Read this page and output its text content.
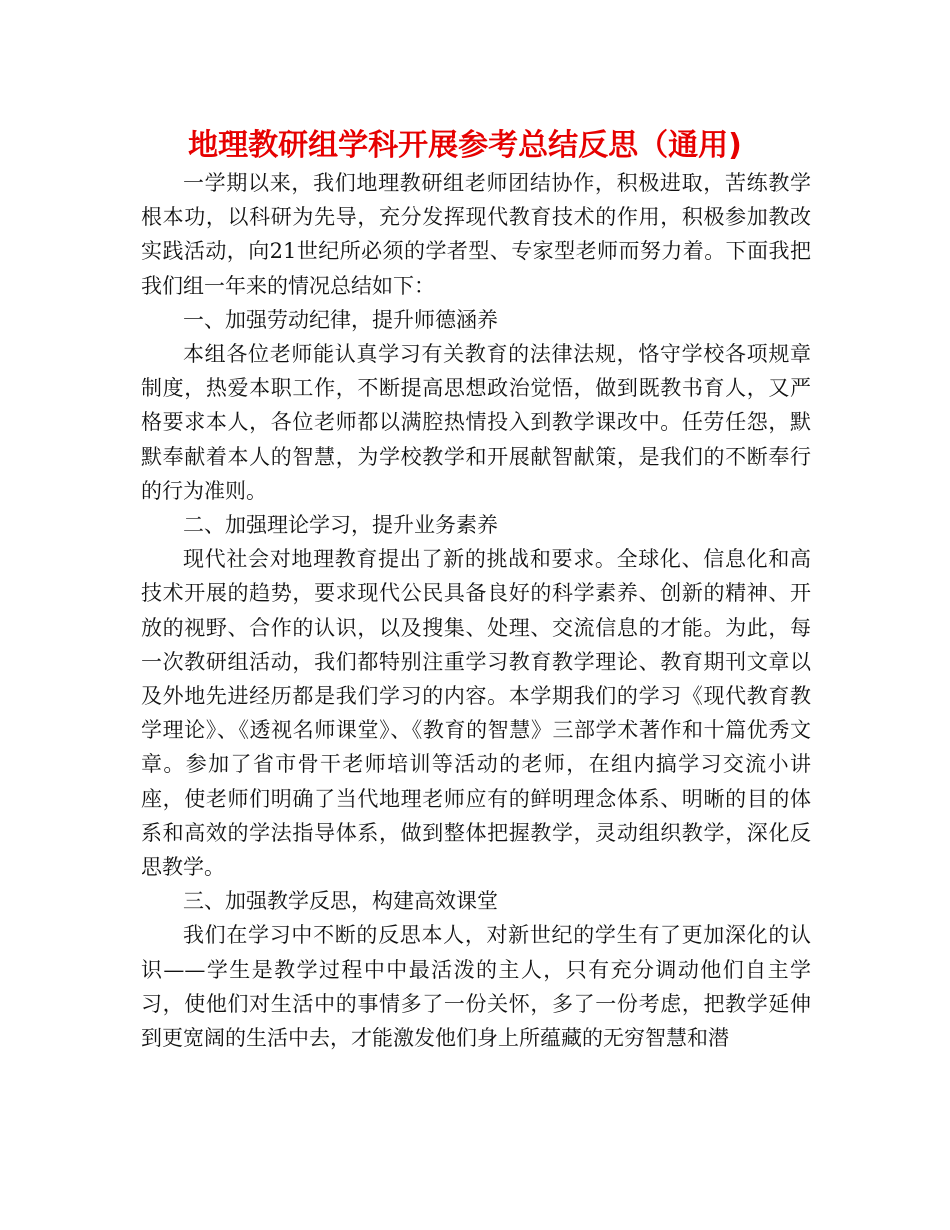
地理教研组学科开展参考总结反思（通用)

一学期以来，我们地理教研组老师团结协作，积极进取，苦练教学根本功，以科研为先导，充分发挥现代教育技术的作用，积极参加教改实践活动，向21世纪所必须的学者型、专家型老师而努力着。下面我把我们组一年来的情况总结如下：

一、加强劳动纪律，提升师德涵养

本组各位老师能认真学习有关教育的法律法规，恪守学校各项规章制度，热爱本职工作，不断提高思想政治觉悟，做到既教书育人，又严格要求本人，各位老师都以满腔热情投入到教学课改中。任劳任怨，默默奉献着本人的智慧，为学校教学和开展献智献策，是我们的不断奉行的行为准则。

二、加强理论学习，提升业务素养

现代社会对地理教育提出了新的挑战和要求。全球化、信息化和高技术开展的趋势，要求现代公民具备良好的科学素养、创新的精神、开放的视野、合作的认识，以及搜集、处理、交流信息的才能。为此，每一次教研组活动，我们都特别注重学习教育教学理论、教育期刊文章以及外地先进经历都是我们学习的内容。本学期我们的学习《现代教育教学理论》、《透视名师课堂》、《教育的智慧》三部学术著作和十篇优秀文章。参加了省市骨干老师培训等活动的老师，在组内搞学习交流小讲座，使老师们明确了当代地理老师应有的鲜明理念体系、明晰的目的体系和高效的学法指导体系，做到整体把握教学，灵动组织教学，深化反思教学。

三、加强教学反思，构建高效课堂

我们在学习中不断的反思本人，对新世纪的学生有了更加深化的认识——学生是教学过程中中最活泼的主人，只有充分调动他们自主学习，使他们对生活中的事情多了一份关怀，多了一份考虑，把教学延伸到更宽阔的生活中去，才能激发他们身上所蕴藏的无穷智慧和潜
